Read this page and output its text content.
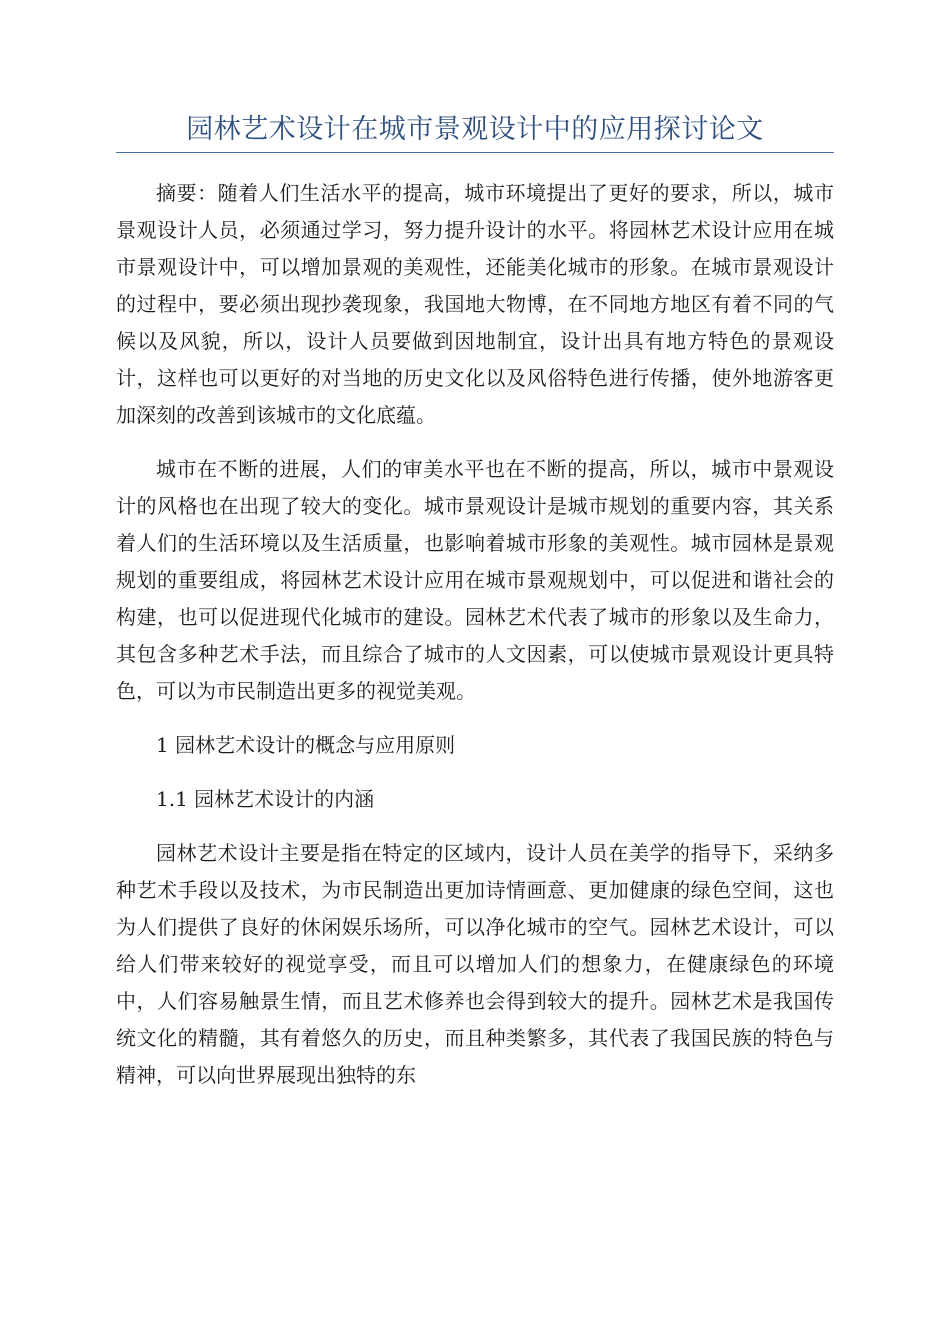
园林艺术设计在城市景观设计中的应用探讨论文

摘要：随着人们生活水平的提高，城市环境提出了更好的要求，所以，城市景观设计人员，必须通过学习，努力提升设计的水平。将园林艺术设计应用在城市景观设计中，可以增加景观的美观性，还能美化城市的形象。在城市景观设计的过程中，要必须出现抄袭现象，我国地大物博，在不同地方地区有着不同的气候以及风貌，所以，设计人员要做到因地制宜，设计出具有地方特色的景观设计，这样也可以更好的对当地的历史文化以及风俗特色进行传播，使外地游客更加深刻的改善到该城市的文化底蕴。

城市在不断的进展，人们的审美水平也在不断的提高，所以，城市中景观设计的风格也在出现了较大的变化。城市景观设计是城市规划的重要内容，其关系着人们的生活环境以及生活质量，也影响着城市形象的美观性。城市园林是景观规划的重要组成，将园林艺术设计应用在城市景观规划中，可以促进和谐社会的构建，也可以促进现代化城市的建设。园林艺术代表了城市的形象以及生命力，其包含多种艺术手法，而且综合了城市的人文因素，可以使城市景观设计更具特色，可以为市民制造出更多的视觉美观。

1 园林艺术设计的概念与应用原则

1.1 园林艺术设计的内涵

园林艺术设计主要是指在特定的区域内，设计人员在美学的指导下，采纳多种艺术手段以及技术，为市民制造出更加诗情画意、更加健康的绿色空间，这也为人们提供了良好的休闲娱乐场所，可以净化城市的空气。园林艺术设计，可以给人们带来较好的视觉享受，而且可以增加人们的想象力，在健康绿色的环境中，人们容易触景生情，而且艺术修养也会得到较大的提升。园林艺术是我国传统文化的精髓，其有着悠久的历史，而且种类繁多，其代表了我国民族的特色与精神，可以向世界展现出独特的东
